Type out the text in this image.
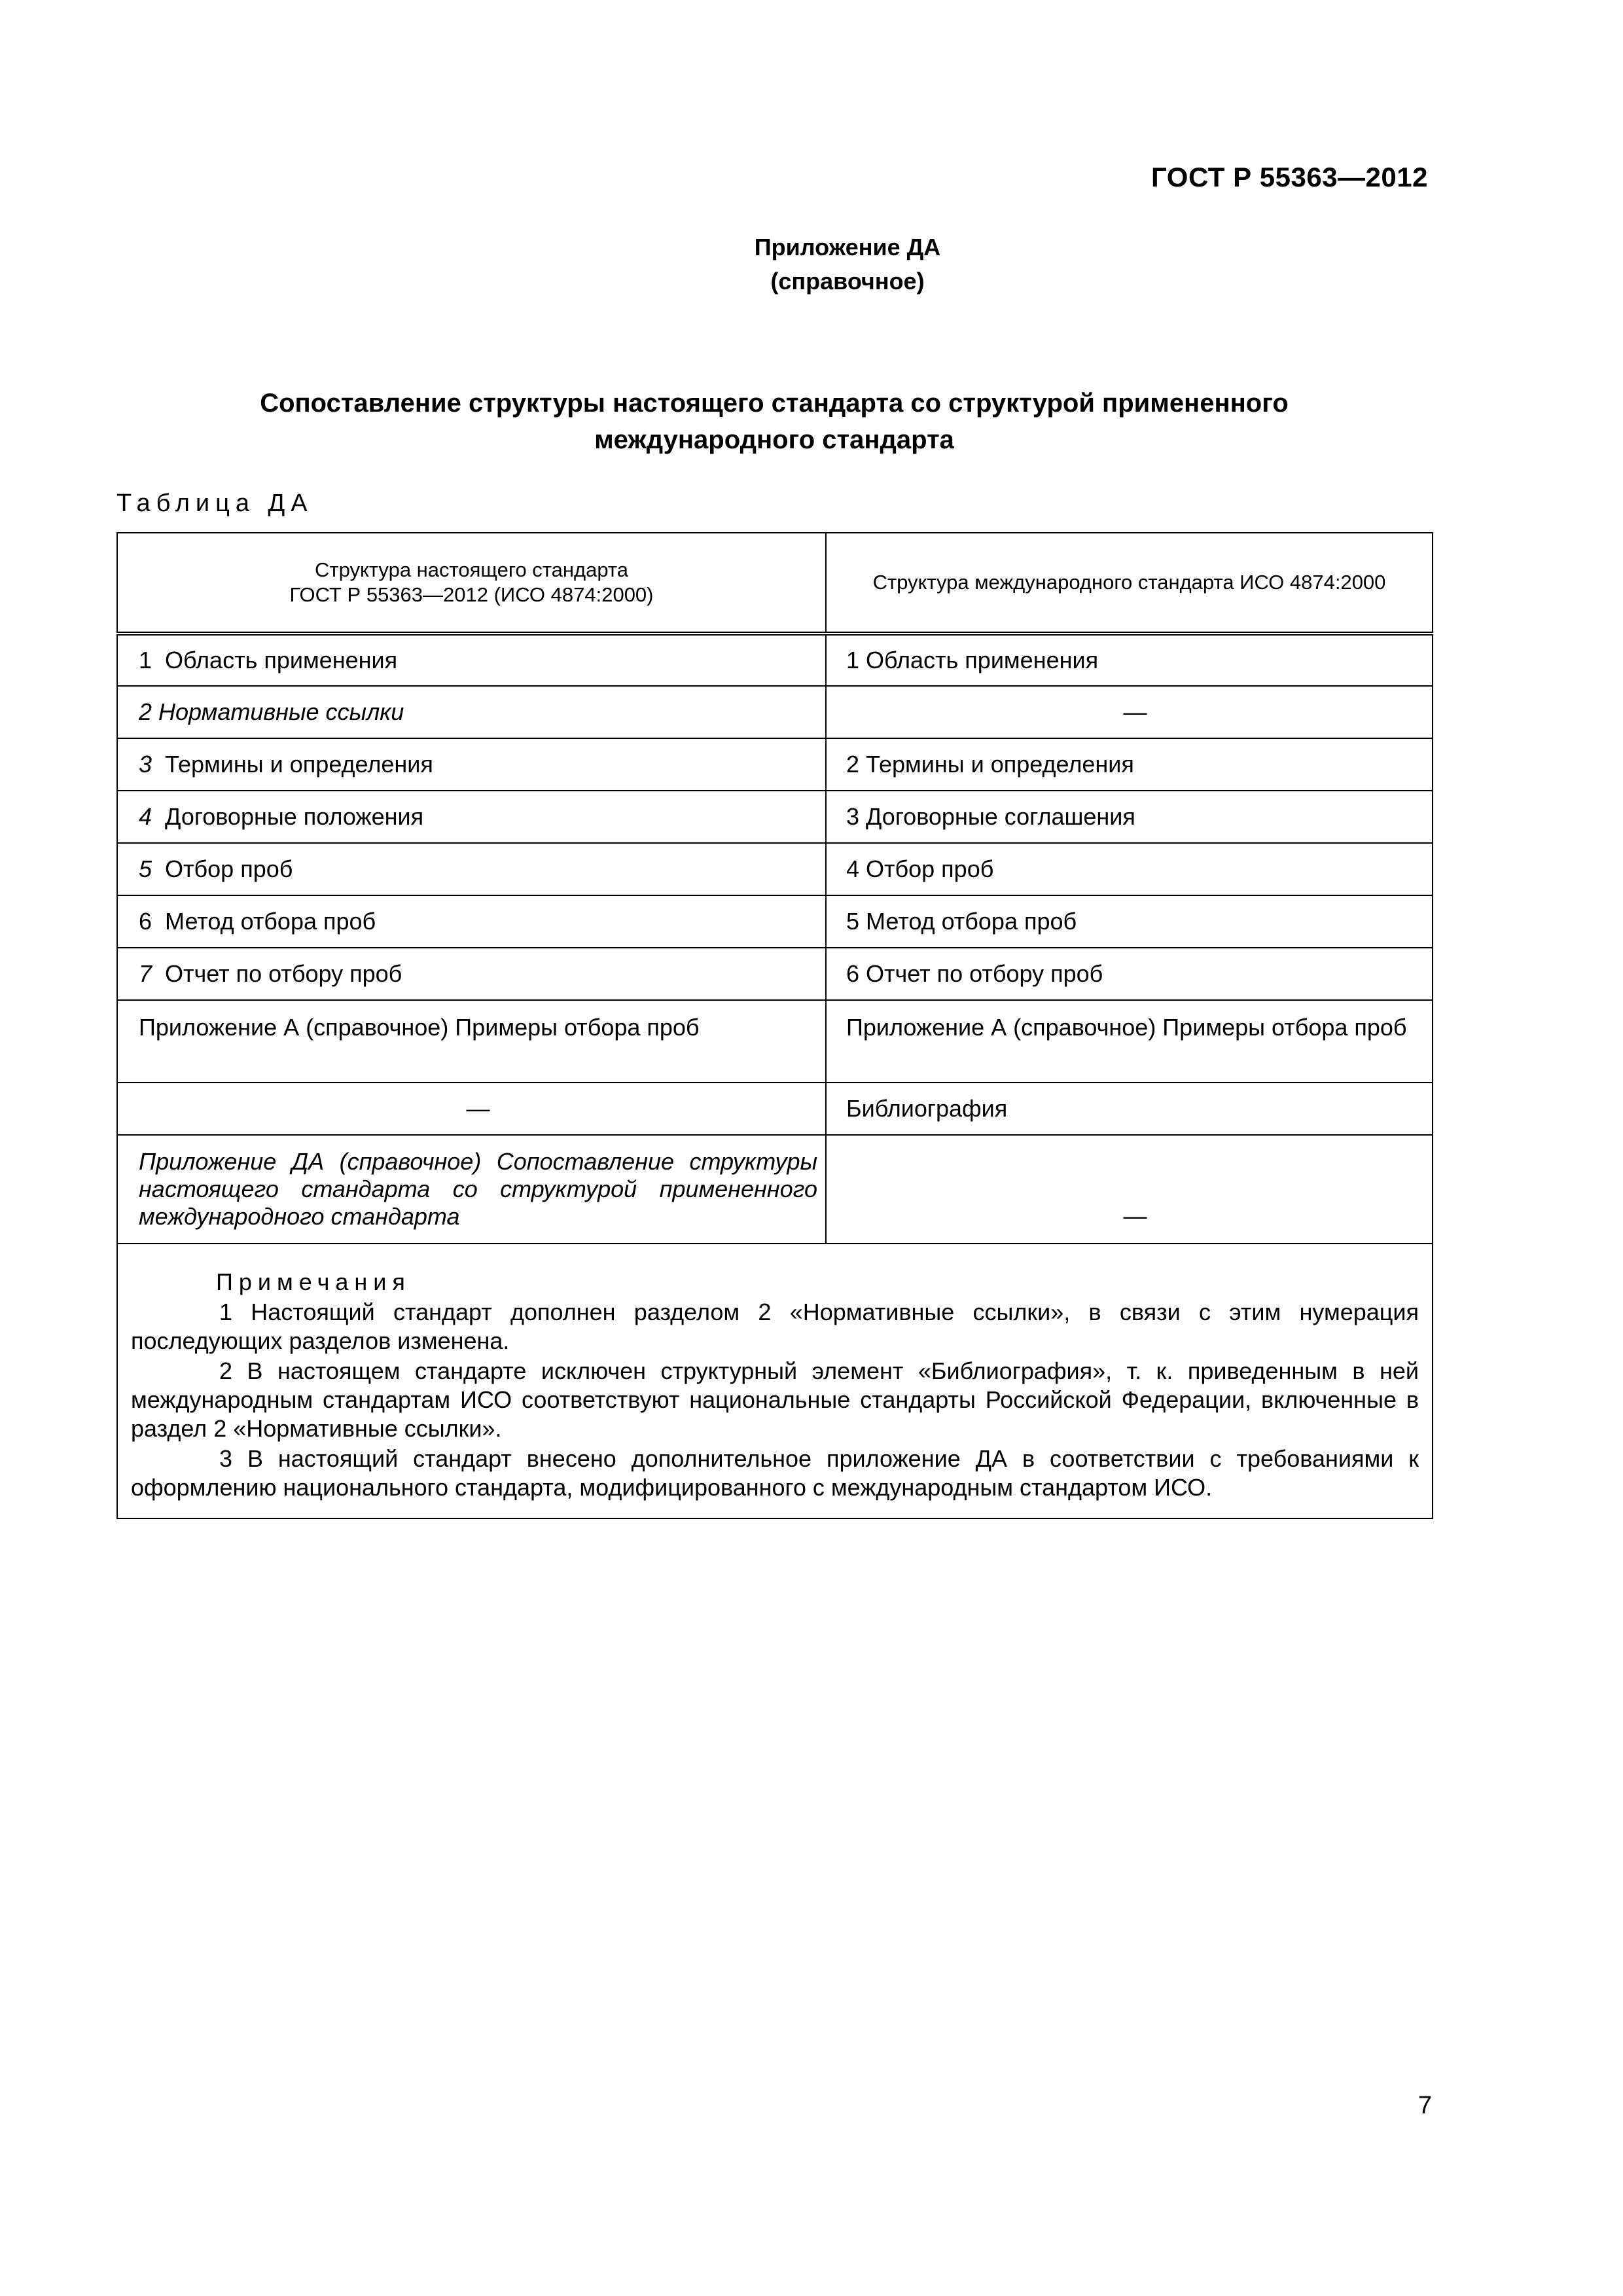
ГОСТ Р 55363—2012
Приложение ДА
(справочное)
Сопоставление структуры настоящего стандарта со структурой примененного
международного стандарта
Таблица ДА
Структура настоящего стандарта
ГОСТ Р 55363—2012 (ИСО 4874:2000)	Структура международного стандарта ИСО 4874:2000
1 Область применения	1 Область применения
2 Нормативные ссылки	—
3 Термины и определения	2 Термины и определения
4 Договорные положения	3 Договорные соглашения
5 Отбор проб	4 Отбор проб
6 Метод отбора проб	5 Метод отбора проб
7 Отчет по отбору проб	6 Отчет по отбору проб
Приложение А (справочное) Примеры отбора проб	Приложение А (справочное) Примеры отбора проб
—	Библиография
Приложение ДА (справочное) Сопоставление структуры настоящего стандарта со структурой примененного международного стандарта	—

Примечания

1 Настоящий стандарт дополнен разделом 2 «Нормативные ссылки», в связи с этим нумерация последующих разделов изменена.

2 В настоящем стандарте исключен структурный элемент «Библиография», т. к. приведенным в ней международным стандартам ИСО соответствуют национальные стандарты Российской Федерации, включенные в раздел 2 «Нормативные ссылки».

3 В настоящий стандарт внесено дополнительное приложение ДА в соответствии с требованиями к оформлению национального стандарта, модифицированного с международным стандартом ИСО.	

7
